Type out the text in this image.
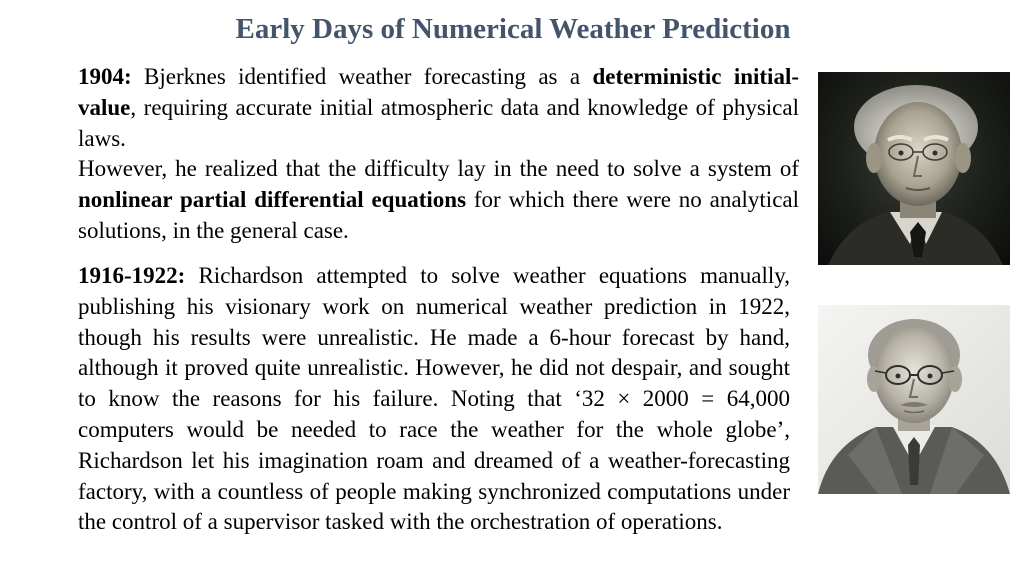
Early Days of Numerical Weather Prediction

1904: Bjerknes identified weather forecasting as a deterministic initial-value, requiring accurate initial atmospheric data and knowledge of physical laws.
However, he realized that the difficulty lay in the need to solve a system of nonlinear partial differential equations for which there were no analytical solutions, in the general case.

1916-1922: Richardson attempted to solve weather equations manually, publishing his visionary work on numerical weather prediction in 1922, though his results were unrealistic. He made a 6-hour forecast by hand, although it proved quite unrealistic. However, he did not despair, and sought to know the reasons for his failure. Noting that ‘32 × 2000 = 64,000 computers would be needed to race the weather for the whole globe’, Richardson let his imagination roam and dreamed of a weather-forecasting factory, with a countless of people making synchronized computations under the control of a supervisor tasked with the orchestration of operations.
